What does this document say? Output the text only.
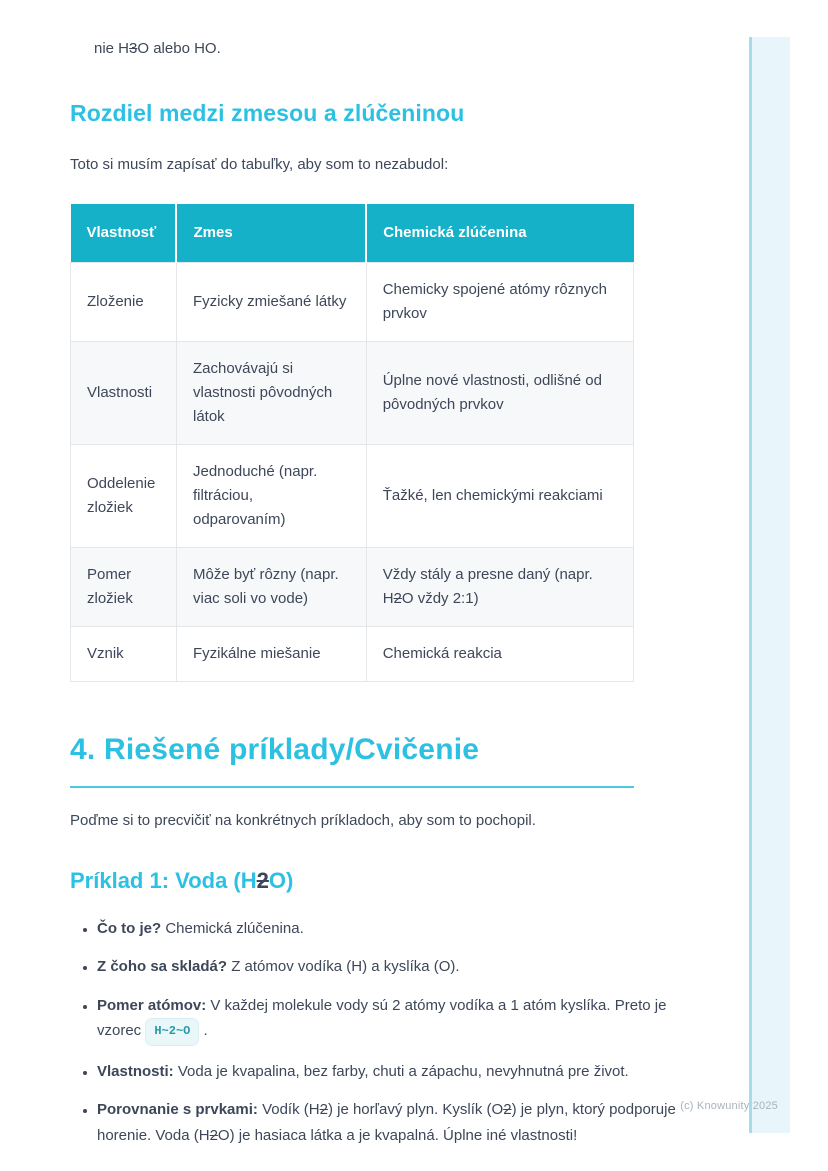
(c) Knowunity 2025

nie H3O alebo HO.

Rozdiel medzi zmesou a zlúčeninou

Toto si musím zapísať do tabuľky, aby som to nezabudol:

Vlastnosť	Zmes	Chemická zlúčenina
Zloženie	Fyzicky zmiešané látky	Chemicky spojené atómy rôznych prvkov
Vlastnosti	Zachovávajú si vlastnosti pôvodných látok	Úplne nové vlastnosti, odlišné od pôvodných prvkov
Oddelenie zložiek	Jednoduché (napr. filtráciou, odparovaním)	Ťažké, len chemickými reakciami
Pomer zložiek	Môže byť rôzny (napr. viac soli vo vode)	Vždy stály a presne daný (napr. H2O vždy 2:1)
Vznik	Fyzikálne miešanie	Chemická reakcia
4. Riešené príklady/Cvičenie

Poďme si to precvičiť na konkrétnych príkladoch, aby som to pochopil.

Príklad 1: Voda (H2O)
• Čo to je? Chemická zlúčenina.
• Z čoho sa skladá? Z atómov vodíka (H) a kyslíka (O).
• Pomer atómov: V každej molekule vody sú 2 atómy vodíka a 1 atóm kyslíka. Preto je vzorec H~2~O .
• Vlastnosti: Voda je kvapalina, bez farby, chuti a zápachu, nevyhnutná pre život.
• Porovnanie s prvkami: Vodík (H2) je horľavý plyn. Kyslík (O2) je plyn, ktorý podporuje horenie. Voda (H2O) je hasiaca látka a je kvapalná. Úplne iné vlastnosti!
